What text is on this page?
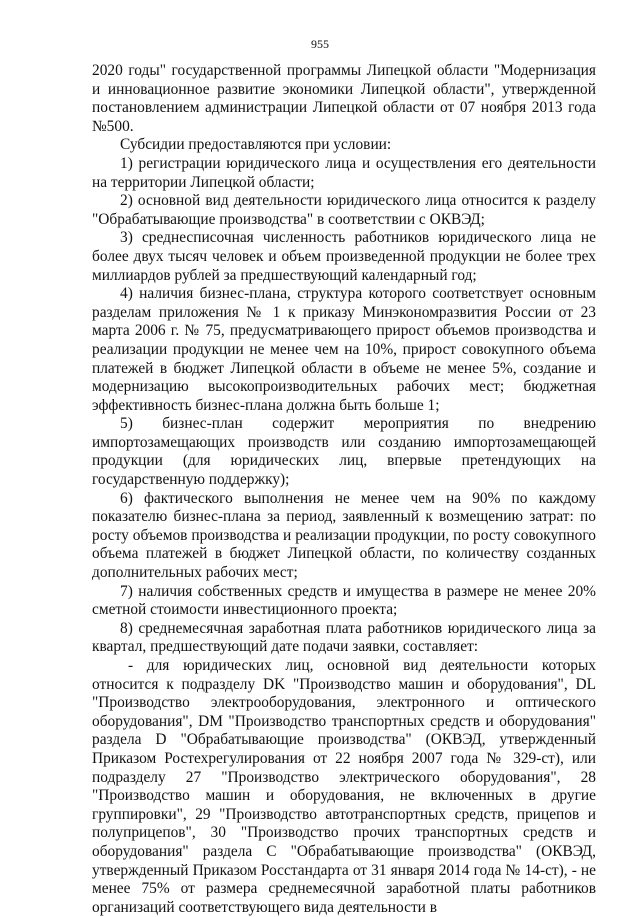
955

2020 годы" государственной программы Липецкой области "Модернизация и инновационное развитие экономики Липецкой области", утвержденной постановлением администрации Липецкой области от 07 ноября 2013 года №500.

Субсидии предоставляются при условии:

1) регистрации юридического лица и осуществления его деятельности на территории Липецкой области;

2) основной вид деятельности юридического лица относится к разделу "Обрабатывающие производства" в соответствии с ОКВЭД;

3) среднесписочная численность работников юридического лица не более двух тысяч человек и объем произведенной продукции не более трех миллиардов рублей за предшествующий календарный год;

4) наличия бизнес-плана, структура которого соответствует основным разделам приложения № 1 к приказу Минэкономразвития России от 23 марта 2006 г. № 75, предусматривающего прирост объемов производства и реализации продукции не менее чем на 10%, прирост совокупного объема платежей в бюджет Липецкой области в объеме не менее 5%, создание и модернизацию высокопроизводительных рабочих мест; бюджетная эффективность бизнес-плана должна быть больше 1;

5) бизнес-план содержит мероприятия по внедрению импортозамещающих производств или созданию импортозамещающей продукции (для юридических лиц, впервые претендующих на государственную поддержку);

6) фактического выполнения не менее чем на 90% по каждому показателю бизнес-плана за период, заявленный к возмещению затрат: по росту объемов производства и реализации продукции, по росту совокупного объема платежей в бюджет Липецкой области, по количеству созданных дополнительных рабочих мест;

7) наличия собственных средств и имущества в размере не менее 20% сметной стоимости инвестиционного проекта;

8) среднемесячная заработная плата работников юридического лица за квартал, предшествующий дате подачи заявки, составляет:

- для юридических лиц, основной вид деятельности которых относится к подразделу DK "Производство машин и оборудования", DL "Производство электрооборудования, электронного и оптического оборудования", DM "Производство транспортных средств и оборудования" раздела D "Обрабатывающие производства" (ОКВЭД, утвержденный Приказом Ростехрегулирования от 22 ноября 2007 года № 329-ст), или подразделу 27 "Производство электрического оборудования", 28 "Производство машин и оборудования, не включенных в другие группировки", 29 "Производство автотранспортных средств, прицепов и полуприцепов", 30 "Производство прочих транспортных средств и оборудования" раздела С "Обрабатывающие производства" (ОКВЭД, утвержденный Приказом Росстандарта от 31 января 2014 года № 14-ст), - не менее 75% от размера среднемесячной заработной платы работников организаций соответствующего вида деятельности в
